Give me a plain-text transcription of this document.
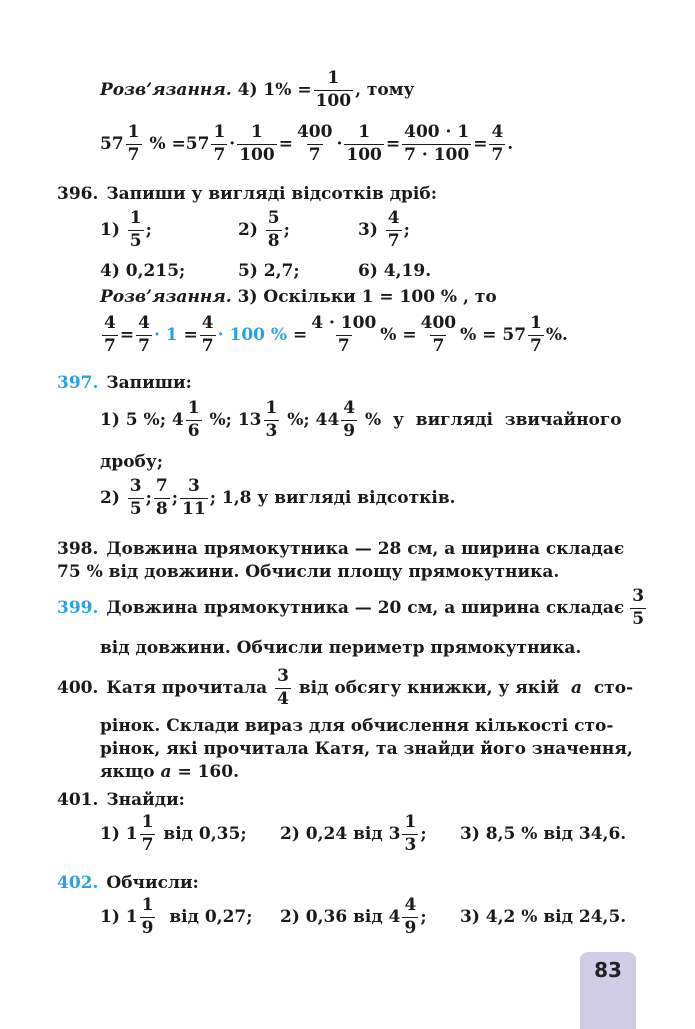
Розв’язання.
4)
1%
= $\frac{1}{100}$ , тому
$57 \frac{1}{7}$
%
= $57 \frac{1}{7} \cdot \frac{1}{100} = \frac{400}{7} \cdot \frac{1}{100} = \frac{400 \cdot 1}{7 \cdot 100} = \frac{4}{7}$ .
396. Запиши у вигляді відсотків дріб:
1)
$\frac{1}{5}$ ;	2)
$\frac{5}{8}$ ;	3)
$\frac{4}{7}$ ;
4) 0,215;	5) 2,7;	6) 4,19.
Розв’язання.
3) Оскільки 1 = 100 % , то
$\frac{4}{7} = \frac{4}{7}$ ·
1
= $\frac{4}{7}$ ·
100 %
= $\frac{4 \cdot 100}{7}$ %
= $\frac{400}{7}$ %
=
$57 \frac{1}{7}$ %.
397. Запиши:
1) 5 %; $4 \frac{1}{6}$
%; $13 \frac{1}{3}$
%; $44 \frac{4}{9}$
%  у  вигляді  звичайного
дробу;
2)
$\frac{3}{5}$ ; $\frac{7}{8}$ ; $\frac{3}{11}$ ; 1,8 у вигляді відсотків.
398. Довжина прямокутника — 28 см, а ширина складає
75 % від довжини. Обчисли площу прямокутника.
399. Довжина прямокутника — 20 см, а ширина складає $\frac{3}{5}$
від довжини. Обчисли периметр прямокутника.
400. Катя прочитала
$\frac{3}{4}$
від обсягу книжки, у якій
a
сто-
рінок. Склади вираз для обчислення кількості сто-
рінок, які прочитала Катя, та знайди його значення,
якщо
a
= 160.
401. Знайди:
1) $1 \frac{1}{7}$
від 0,35; 2) 0,24 від $3 \frac{1}{3}$ ; 3) 8,5 % від 34,6.
402. Обчисли:
1) $1 \frac{1}{9}$
від 0,27; 2) 0,36 від $4 \frac{4}{9}$ ; 3) 4,2 % від 24,5.
83
